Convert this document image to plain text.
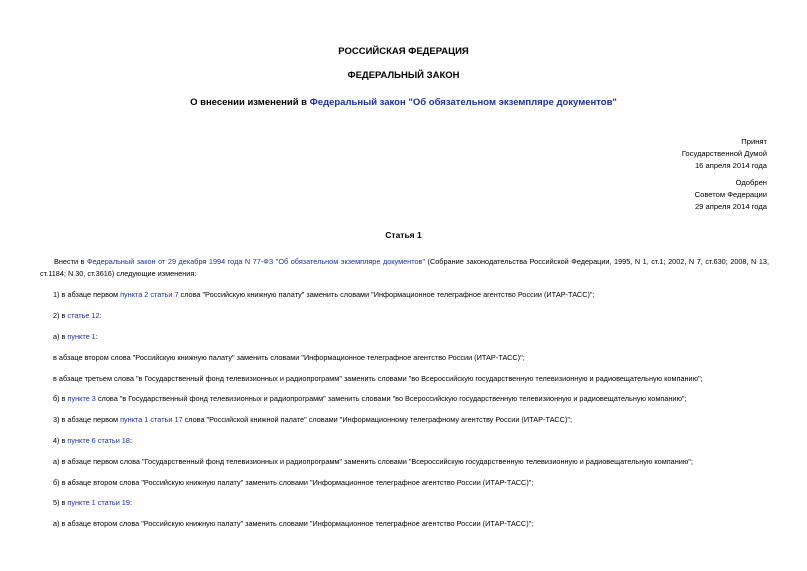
РОССИЙСКАЯ ФЕДЕРАЦИЯ
ФЕДЕРАЛЬНЫЙ ЗАКОН
О внесении изменений в Федеральный закон "Об обязательном экземпляре документов"
Принят
Государственной Думой
16 апреля 2014 года
Одобрен
Советом Федерации
29 апреля 2014 года
Статья 1
Внести в Федеральный закон от 29 декабря 1994 года N 77-ФЗ "Об обязательном экземпляре документов" (Собрание законодательства Российской Федерации, 1995, N 1, ст.1; 2002, N 7, ст.630; 2008, N 13, ст.1184; N 30, ст.3616) следующие изменения:
1) в абзаце первом пункта 2 статьи 7 слова "Российскую книжную палату" заменить словами "Информационное телеграфное агентство России (ИТАР-ТАСС)";
2) в статье 12:
а) в пункте 1:
в абзаце втором слова "Российскую книжную палату" заменить словами "Информационное телеграфное агентство России (ИТАР-ТАСС)";
в абзаце третьем слова "в Государственный фонд телевизионных и радиопрограмм" заменить словами "во Всероссийскую государственную телевизионную и радиовещательную компанию";
б) в пункте 3 слова "в Государственный фонд телевизионных и радиопрограмм" заменить словами "во Всероссийскую государственную телевизионную и радиовещательную компанию";
3) в абзаце первом пункта 1 статьи 17 слова "Российской книжной палате" словами "Информационному телеграфному агентству России (ИТАР-ТАСС)";
4) в пункте 6 статьи 18:
а) в абзаце первом слова "Государственный фонд телевизионных и радиопрограмм" заменить словами "Всероссийскую государственную телевизионную и радиовещательную компанию";
б) в абзаце втором слова "Российскую книжную палату" заменить словами "Информационное телеграфное агентство России (ИТАР-ТАСС)";
5) в пункте 1 статьи 19:
а) в абзаце втором слова "Российскую книжную палату" заменить словами "Информационное телеграфное агентство России (ИТАР-ТАСС)";
